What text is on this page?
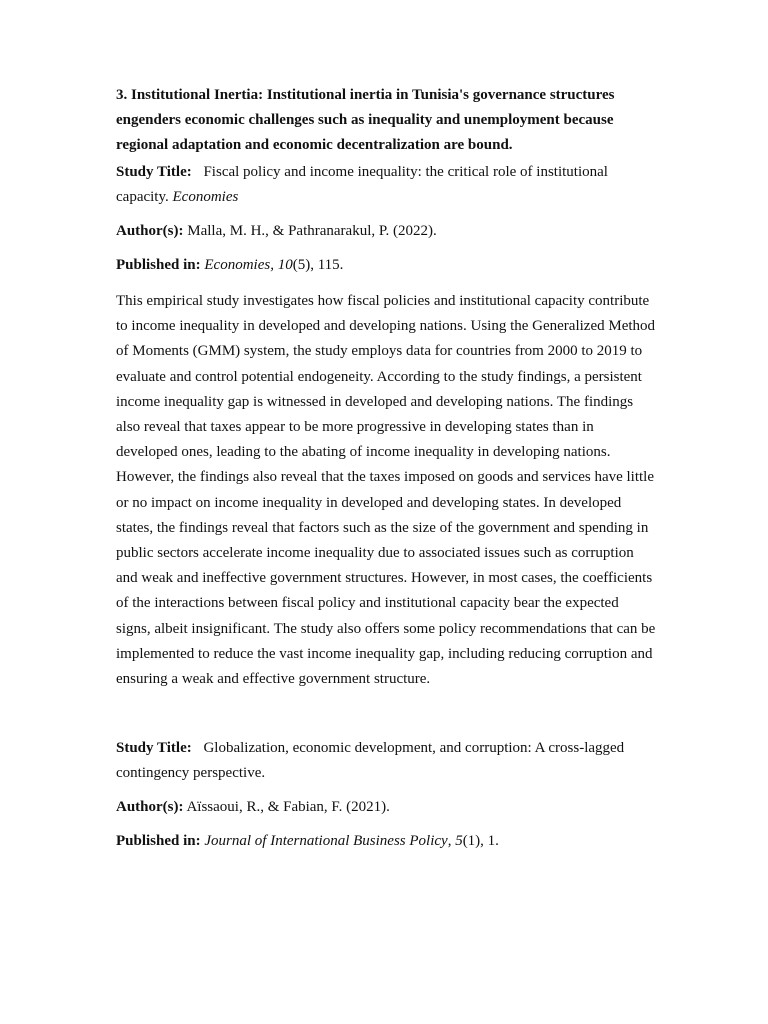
3. Institutional Inertia: Institutional inertia in Tunisia's governance structures engenders economic challenges such as inequality and unemployment because regional adaptation and economic decentralization are bound.

Study Title: Fiscal policy and income inequality: the critical role of institutional capacity. Economies

Author(s): Malla, M. H., & Pathranarakul, P. (2022).

Published in: Economies, 10(5), 115.

This empirical study investigates how fiscal policies and institutional capacity contribute to income inequality in developed and developing nations. Using the Generalized Method of Moments (GMM) system, the study employs data for countries from 2000 to 2019 to evaluate and control potential endogeneity. According to the study findings, a persistent income inequality gap is witnessed in developed and developing nations. The findings also reveal that taxes appear to be more progressive in developing states than in developed ones, leading to the abating of income inequality in developing nations. However, the findings also reveal that the taxes imposed on goods and services have little or no impact on income inequality in developed and developing states. In developed states, the findings reveal that factors such as the size of the government and spending in public sectors accelerate income inequality due to associated issues such as corruption and weak and ineffective government structures. However, in most cases, the coefficients of the interactions between fiscal policy and institutional capacity bear the expected signs, albeit insignificant. The study also offers some policy recommendations that can be implemented to reduce the vast income inequality gap, including reducing corruption and ensuring a weak and effective government structure.

Study Title: Globalization, economic development, and corruption: A cross-lagged contingency perspective.

Author(s): Aïssaoui, R., & Fabian, F. (2021).

Published in: Journal of International Business Policy, 5(1), 1.
